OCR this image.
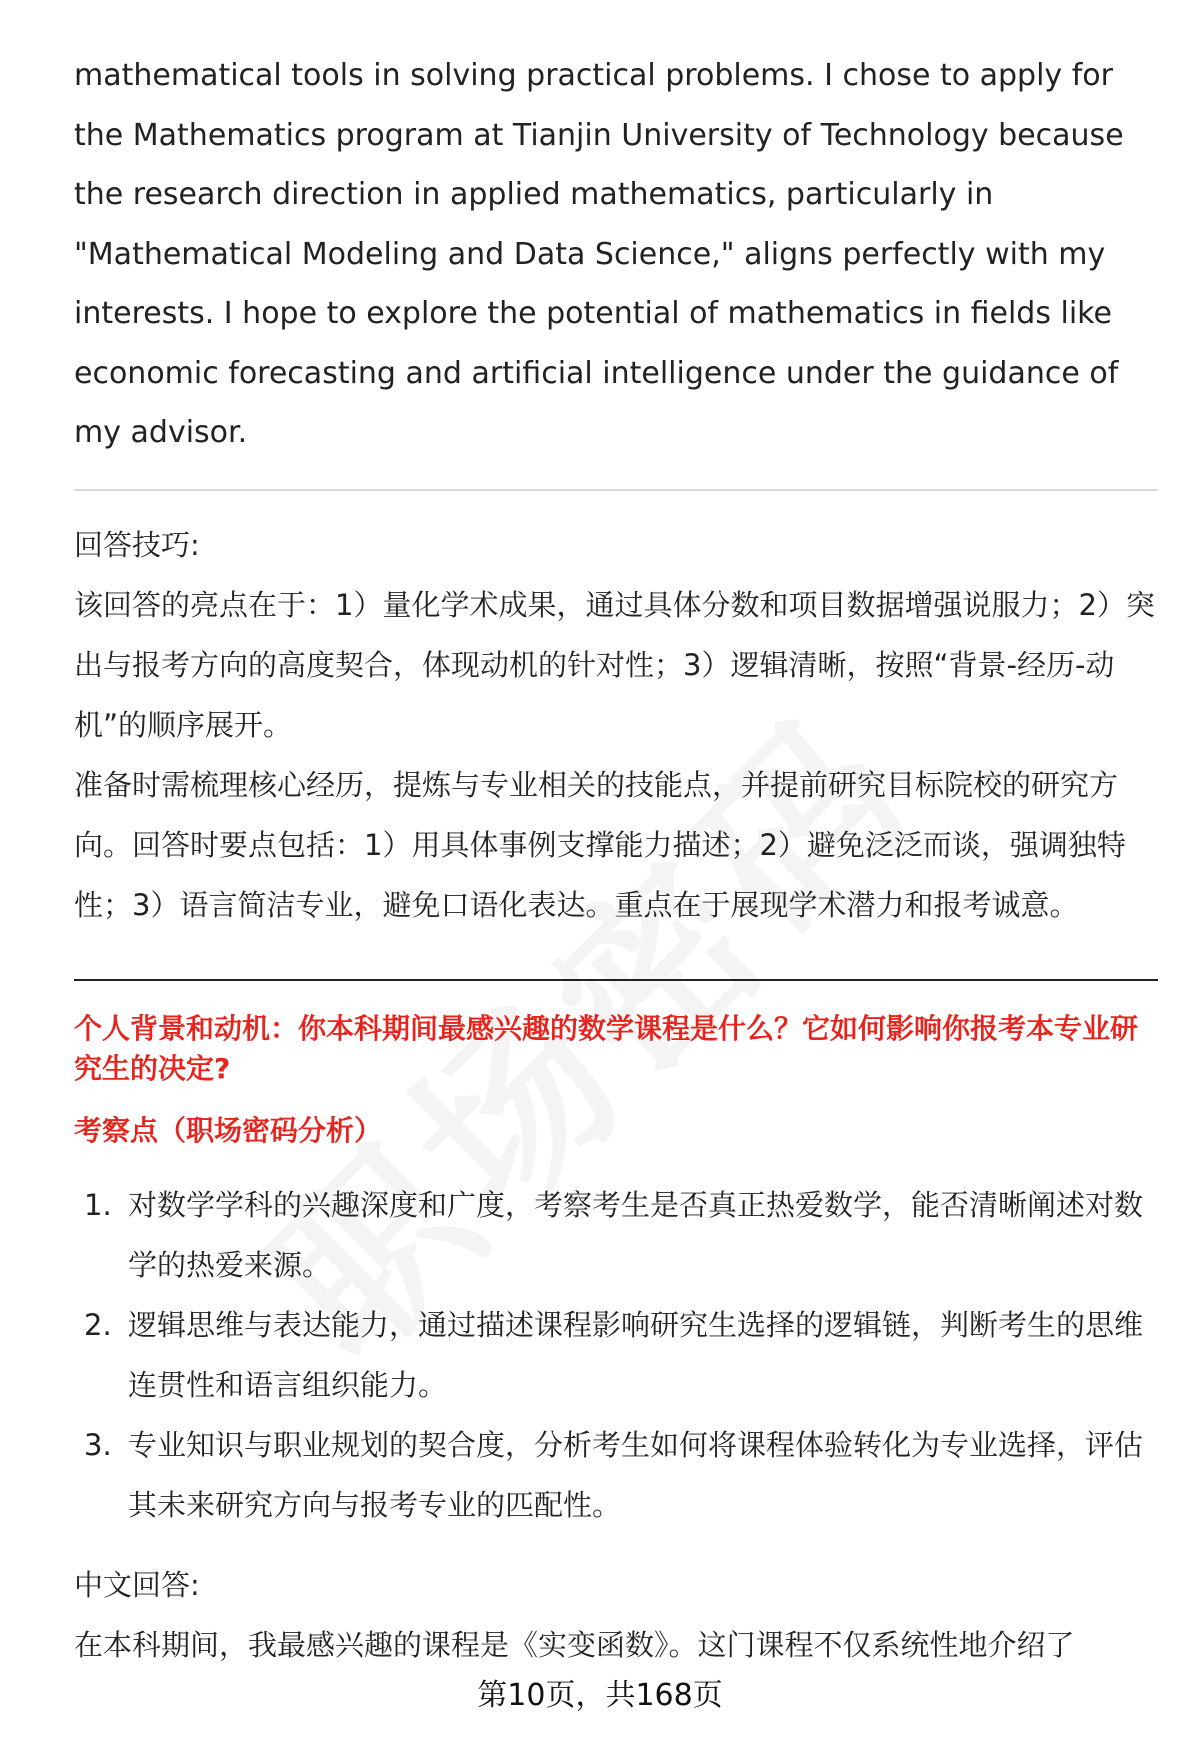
mathematical tools in solving practical problems. I chose to apply for the Mathematics program at Tianjin University of Technology because the research direction in applied mathematics, particularly in "Mathematical Modeling and Data Science," aligns perfectly with my interests. I hope to explore the potential of mathematics in fields like economic forecasting and artificial intelligence under the guidance of my advisor.

回答技巧:

该回答的亮点在于：1）量化学术成果，通过具体分数和项目数据增强说服力；2）突出与报考方向的高度契合，体现动机的针对性；3）逻辑清晰，按照“背景-经历-动机”的顺序展开。

准备时需梳理核心经历，提炼与专业相关的技能点，并提前研究目标院校的研究方向。回答时要点包括：1）用具体事例支撑能力描述；2）避免泛泛而谈，强调独特性；3）语言简洁专业，避免口语化表达。重点在于展现学术潜力和报考诚意。

个人背景和动机：你本科期间最感兴趣的数学课程是什么？它如何影响你报考本专业研究生的决定?

考察点（职场密码分析）

1. 对数学学科的兴趣深度和广度，考察考生是否真正热爱数学，能否清晰阐述对数学的热爱来源。
2. 逻辑思维与表达能力，通过描述课程影响研究生选择的逻辑链，判断考生的思维连贯性和语言组织能力。
3. 专业知识与职业规划的契合度，分析考生如何将课程体验转化为专业选择，评估其未来研究方向与报考专业的匹配性。

中文回答:

在本科期间，我最感兴趣的课程是《实变函数》。这门课程不仅系统性地介绍了

第10页，共168页
